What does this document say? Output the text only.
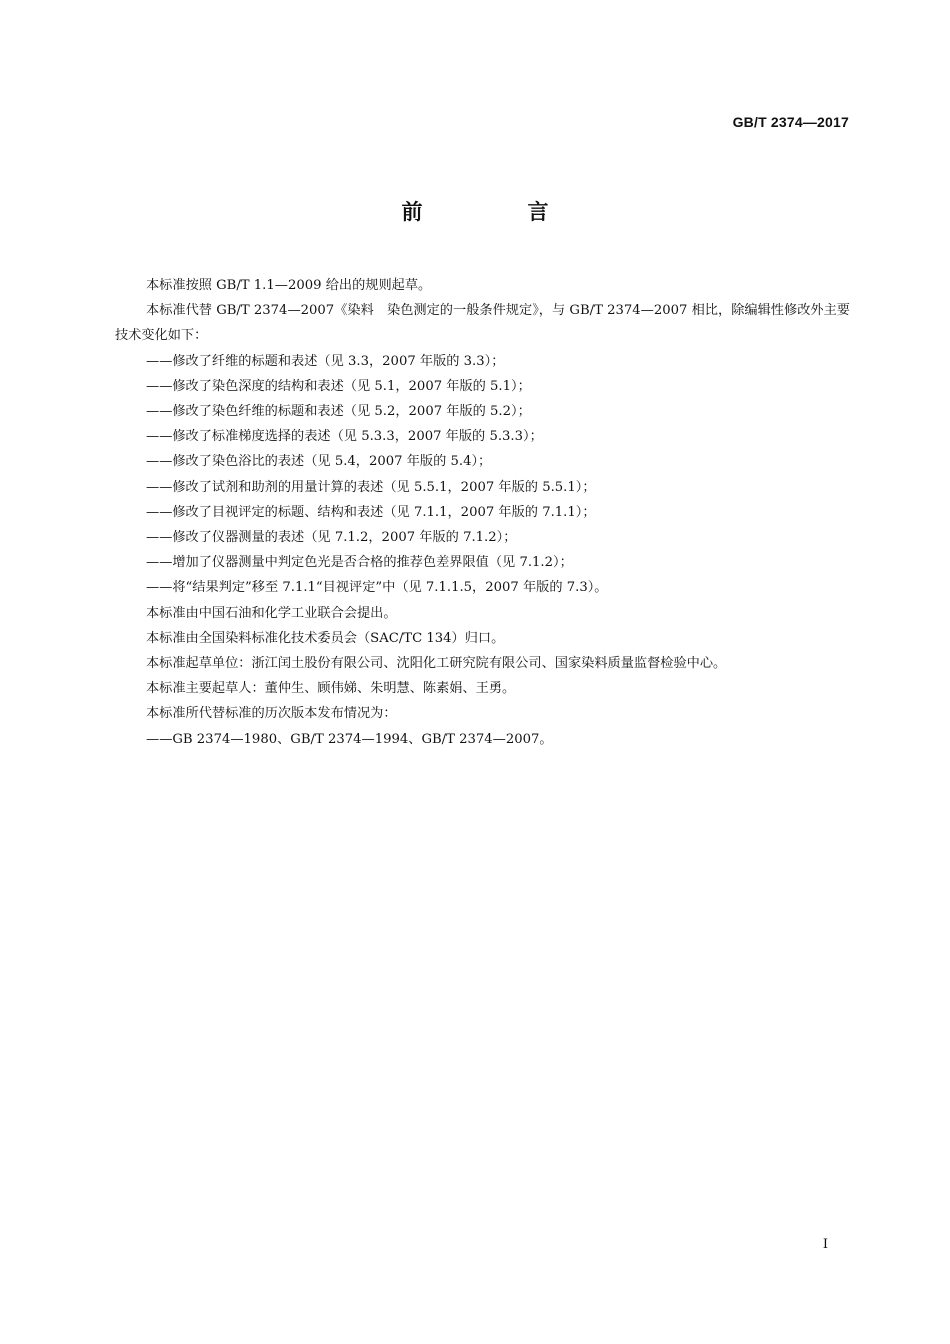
GB/T 2374—2017
前　言

本标准按照 GB/T 1.1—2009 给出的规则起草。

本标准代替 GB/T 2374—2007《染料　染色测定的一般条件规定》，与 GB/T 2374—2007 相比，除编辑性修改外主要技术变化如下：

——修改了纤维的标题和表述（见 3.3，2007 年版的 3.3）；

——修改了染色深度的结构和表述（见 5.1，2007 年版的 5.1）；

——修改了染色纤维的标题和表述（见 5.2，2007 年版的 5.2）；

——修改了标准梯度选择的表述（见 5.3.3，2007 年版的 5.3.3）；

——修改了染色浴比的表述（见 5.4，2007 年版的 5.4）；

——修改了试剂和助剂的用量计算的表述（见 5.5.1，2007 年版的 5.5.1）；

——修改了目视评定的标题、结构和表述（见 7.1.1，2007 年版的 7.1.1）；

——修改了仪器测量的表述（见 7.1.2，2007 年版的 7.1.2）；

——增加了仪器测量中判定色光是否合格的推荐色差界限值（见 7.1.2）；

——将“结果判定”移至 7.1.1“目视评定”中（见 7.1.1.5，2007 年版的 7.3）。

本标准由中国石油和化学工业联合会提出。

本标准由全国染料标准化技术委员会（SAC/TC 134）归口。

本标准起草单位：浙江闰土股份有限公司、沈阳化工研究院有限公司、国家染料质量监督检验中心。

本标准主要起草人：董仲生、顾伟娣、朱明慧、陈素娟、王勇。

本标准所代替标准的历次版本发布情况为：

——GB 2374—1980、GB/T 2374—1994、GB/T 2374—2007。

I
